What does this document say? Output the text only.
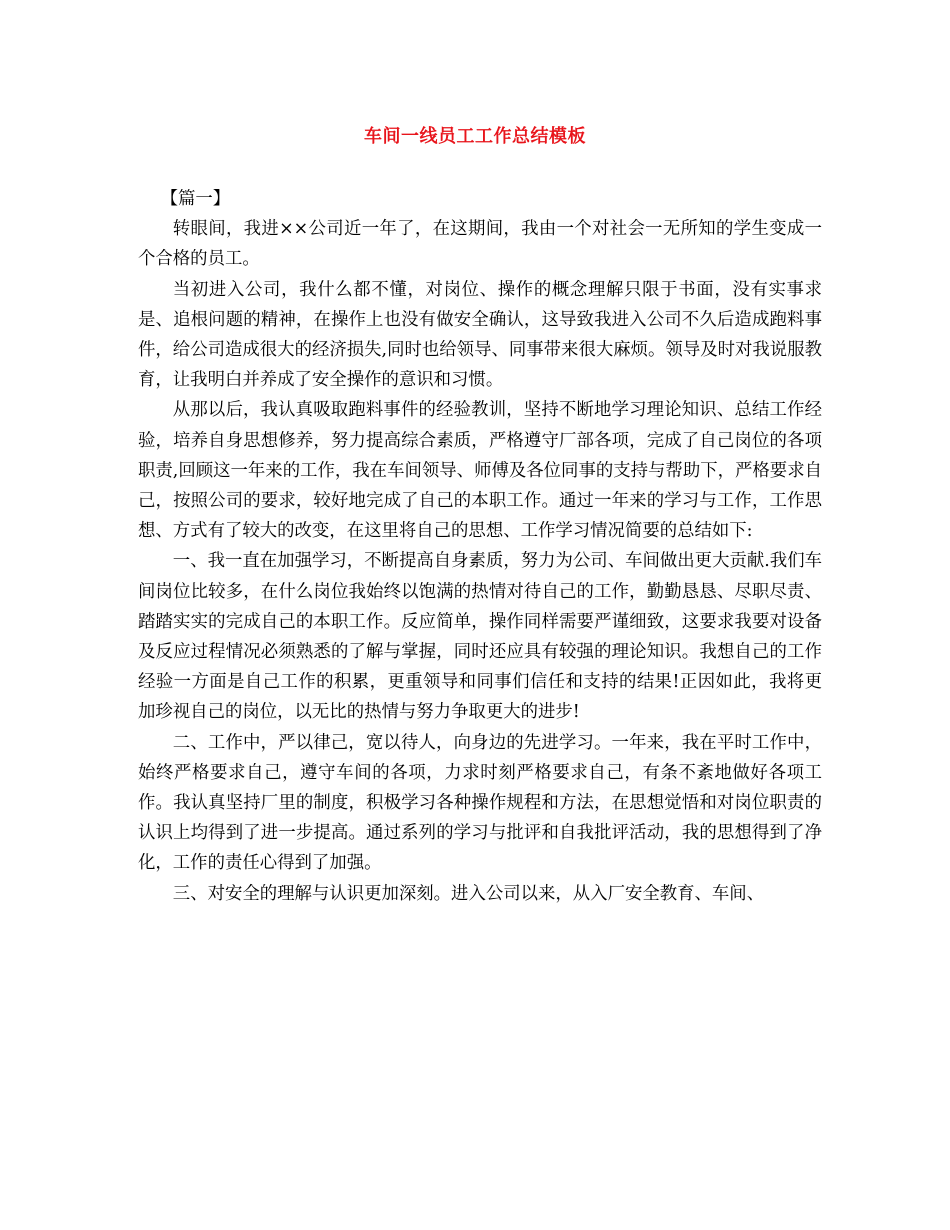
车间一线员工工作总结模板

【篇一】

转眼间，我进××公司近一年了，在这期间，我由一个对社会一无所知的学生变成一个合格的员工。

当初进入公司，我什么都不懂，对岗位、操作的概念理解只限于书面，没有实事求是、追根问题的精神，在操作上也没有做安全确认，这导致我进入公司不久后造成跑料事件，给公司造成很大的经济损失,同时也给领导、同事带来很大麻烦。领导及时对我说服教育，让我明白并养成了安全操作的意识和习惯。

从那以后，我认真吸取跑料事件的经验教训，坚持不断地学习理论知识、总结工作经验，培养自身思想修养，努力提高综合素质，严格遵守厂部各项，完成了自己岗位的各项职责,回顾这一年来的工作，我在车间领导、师傅及各位同事的支持与帮助下，严格要求自己，按照公司的要求，较好地完成了自己的本职工作。通过一年来的学习与工作，工作思想、方式有了较大的改变，在这里将自己的思想、工作学习情况简要的总结如下:

一、我一直在加强学习，不断提高自身素质，努力为公司、车间做出更大贡献.我们车间岗位比较多，在什么岗位我始终以饱满的热情对待自己的工作，勤勤恳恳、尽职尽责、踏踏实实的完成自己的本职工作。反应简单，操作同样需要严谨细致，这要求我要对设备及反应过程情况必须熟悉的了解与掌握，同时还应具有较强的理论知识。我想自己的工作经验一方面是自己工作的积累，更重领导和同事们信任和支持的结果!正因如此，我将更加珍视自己的岗位，以无比的热情与努力争取更大的进步!

二、工作中，严以律己，宽以待人，向身边的先进学习。一年来，我在平时工作中，始终严格要求自己，遵守车间的各项，力求时刻严格要求自己，有条不紊地做好各项工作。我认真坚持厂里的制度，积极学习各种操作规程和方法，在思想觉悟和对岗位职责的认识上均得到了进一步提高。通过系列的学习与批评和自我批评活动，我的思想得到了净化，工作的责任心得到了加强。

三、对安全的理解与认识更加深刻。进入公司以来，从入厂安全教育、车间、
